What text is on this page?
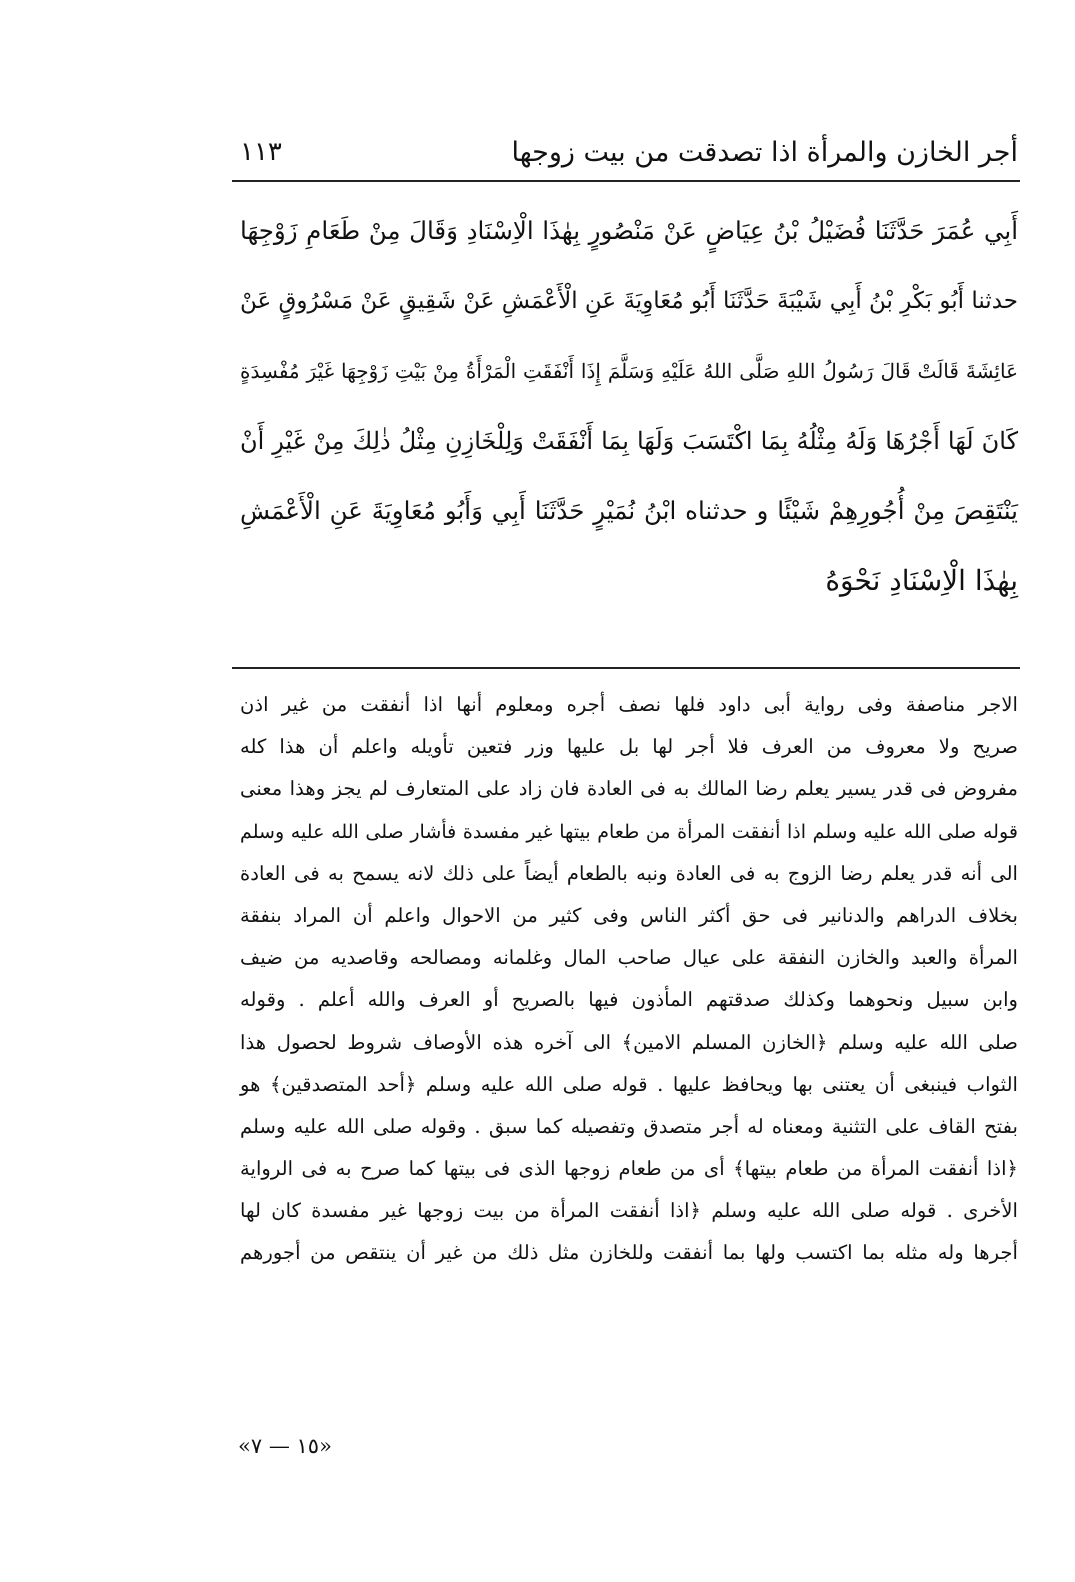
أجر الخازن والمرأة اذا تصدقت من بيت زوجها
١١٣
أَبِي عُمَرَ حَدَّثَنَا فُضَيْلُ بْنُ عِيَاضٍ عَنْ مَنْصُورٍ بِهٰذَا الْاِسْنَادِ وَقَالَ مِنْ طَعَامِ زَوْجِهَا
حدثنا أَبُو بَكْرِ بْنُ أَبِي شَيْبَةَ حَدَّثَنَا أَبُو مُعَاوِيَةَ عَنِ الْأَعْمَشِ عَنْ شَقِيقٍ عَنْ مَسْرُوقٍ عَنْ
عَائِشَةَ قَالَتْ قَالَ رَسُولُ اللهِ صَلَّى اللهُ عَلَيْهِ وَسَلَّمَ إِذَا أَنْفَقَتِ الْمَرْأَةُ مِنْ بَيْتِ زَوْجِهَا غَيْرَ مُفْسِدَةٍ
كَانَ لَهَا أَجْرُهَا وَلَهُ مِثْلُهُ بِمَا اكْتَسَبَ وَلَهَا بِمَا أَنْفَقَتْ وَلِلْخَازِنِ مِثْلُ ذٰلِكَ مِنْ غَيْرِ أَنْ
يَنْتَقِصَ مِنْ أُجُورِهِمْ شَيْئًا و حدثناه ابْنُ نُمَيْرٍ حَدَّثَنَا أَبِي وَأَبُو مُعَاوِيَةَ عَنِ الْأَعْمَشِ
بِهٰذَا الْاِسْنَادِ نَحْوَهُ
الاجر مناصفة وفى رواية أبى داود فلها نصف أجره ومعلوم أنها اذا أنفقت من غير اذن
صريح ولا معروف من العرف فلا أجر لها بل عليها وزر فتعين تأويله واعلم أن هذا كله
مفروض فى قدر يسير يعلم رضا المالك به فى العادة فان زاد على المتعارف لم يجز وهذا معنى
قوله صلى الله عليه وسلم اذا أنفقت المرأة من طعام بيتها غير مفسدة فأشار صلى الله عليه وسلم
الى أنه قدر يعلم رضا الزوج به فى العادة ونبه بالطعام أيضاً على ذلك لانه يسمح به فى العادة
بخلاف الدراهم والدنانير فى حق أكثر الناس وفى كثير من الاحوال واعلم أن المراد بنفقة
المرأة والعبد والخازن النفقة على عيال صاحب المال وغلمانه ومصالحه وقاصديه من ضيف
وابن سبيل ونحوهما وكذلك صدقتهم المأذون فيها بالصريح أو العرف والله أعلم . وقوله
صلى الله عليه وسلم ﴿الخازن المسلم الامين﴾ الى آخره هذه الأوصاف شروط لحصول هذا
الثواب فينبغى أن يعتنى بها ويحافظ عليها . قوله صلى الله عليه وسلم ﴿أحد المتصدقين﴾ هو
بفتح القاف على التثنية ومعناه له أجر متصدق وتفصيله كما سبق . وقوله صلى الله عليه وسلم
﴿اذا أنفقت المرأة من طعام بيتها﴾ أى من طعام زوجها الذى فى بيتها كما صرح به فى الرواية
الأخرى . قوله صلى الله عليه وسلم ﴿اذا أنفقت المرأة من بيت زوجها غير مفسدة كان لها
أجرها وله مثله بما اكتسب ولها بما أنفقت وللخازن مثل ذلك من غير أن ينتقص من أجورهم
«١٥ — ٧»
